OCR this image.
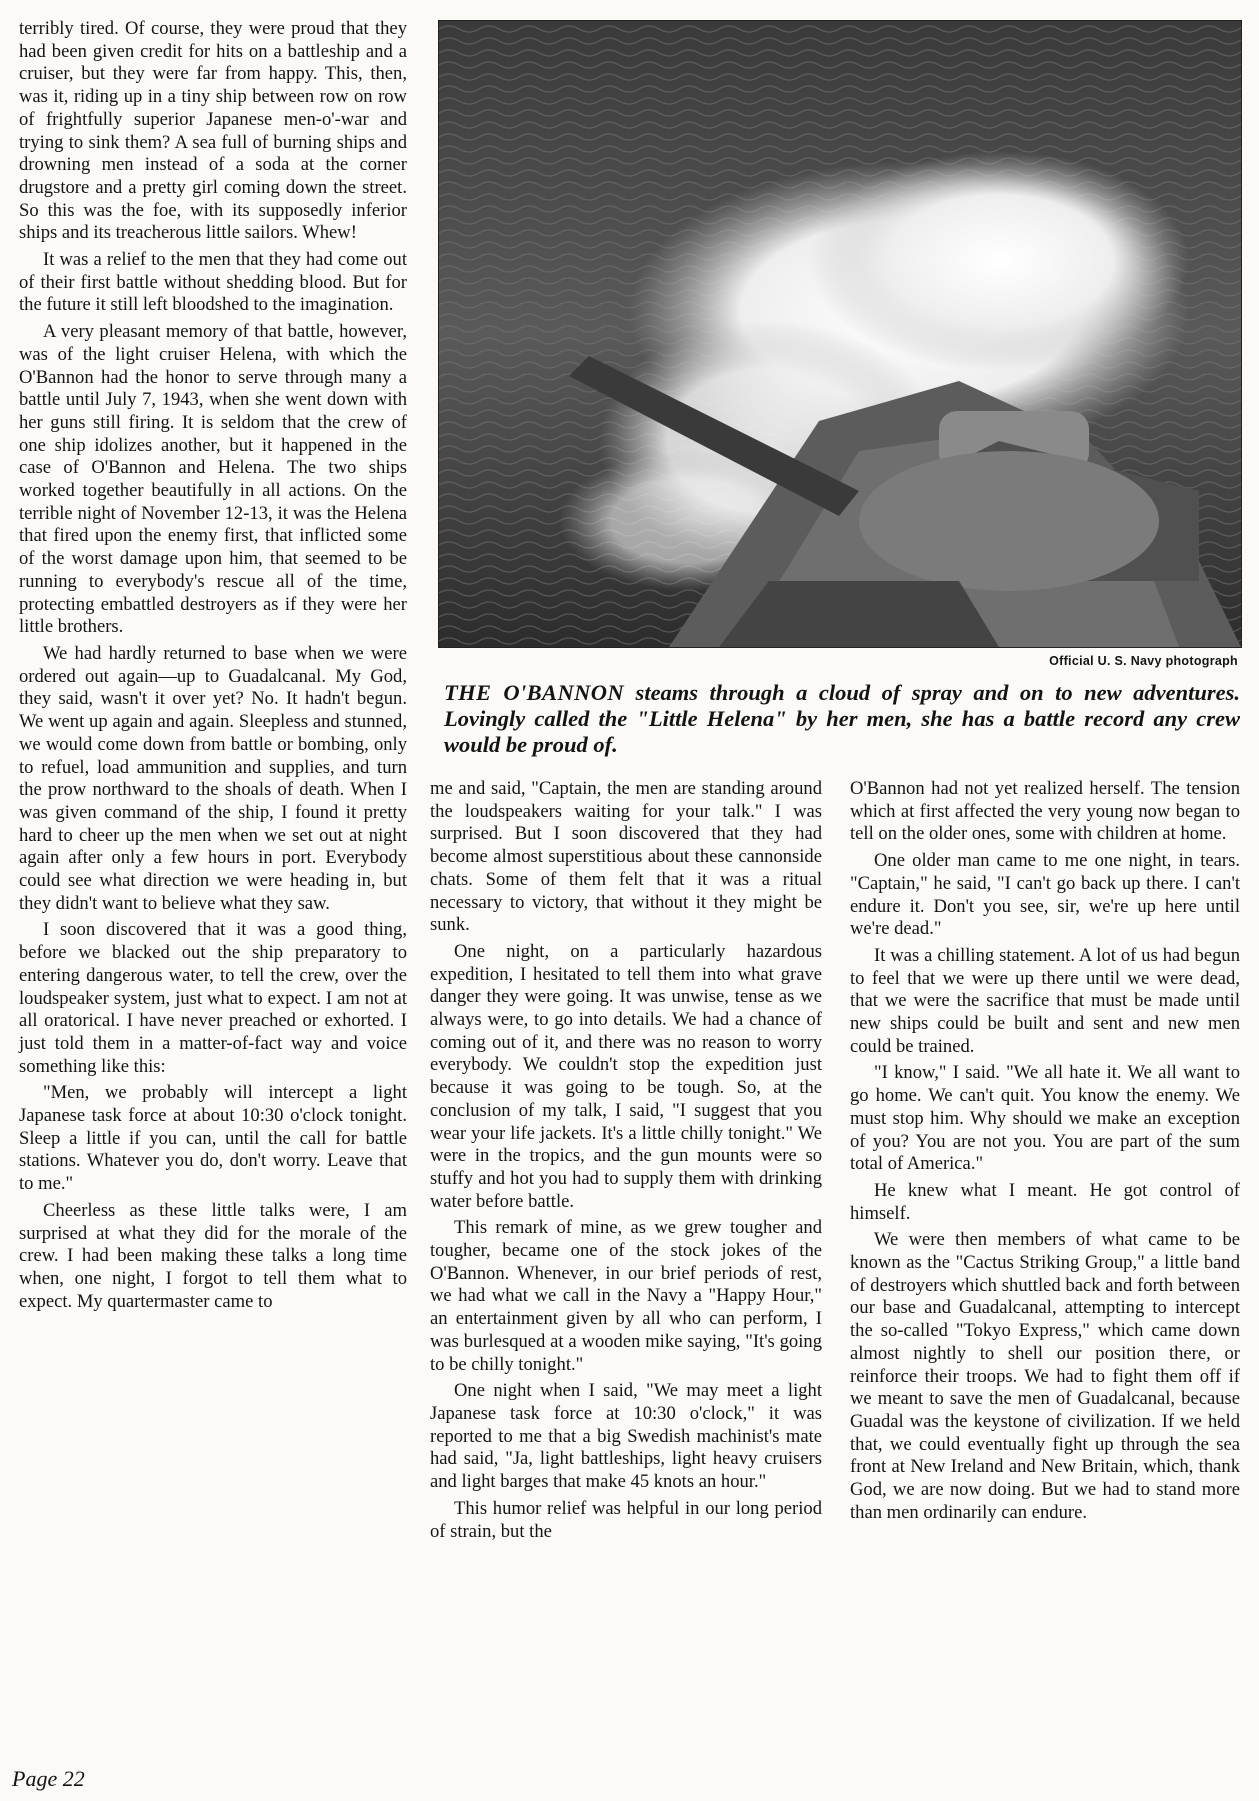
terribly tired. Of course, they were proud that they had been given credit for hits on a battleship and a cruiser, but they were far from happy. This, then, was it, riding up in a tiny ship between row on row of frightfully superior Japanese men-o'-war and trying to sink them? A sea full of burning ships and drowning men instead of a soda at the corner drugstore and a pretty girl coming down the street. So this was the foe, with its supposedly inferior ships and its treacherous little sailors. Whew!

It was a relief to the men that they had come out of their first battle without shedding blood. But for the future it still left bloodshed to the imagination.

A very pleasant memory of that battle, however, was of the light cruiser Helena, with which the O'Bannon had the honor to serve through many a battle until July 7, 1943, when she went down with her guns still firing. It is seldom that the crew of one ship idolizes another, but it happened in the case of O'Bannon and Helena. The two ships worked together beautifully in all actions. On the terrible night of November 12-13, it was the Helena that fired upon the enemy first, that inflicted some of the worst damage upon him, that seemed to be running to everybody's rescue all of the time, protecting embattled destroyers as if they were her little brothers.

We had hardly returned to base when we were ordered out again—up to Guadalcanal. My God, they said, wasn't it over yet? No. It hadn't begun. We went up again and again. Sleepless and stunned, we would come down from battle or bombing, only to refuel, load ammunition and supplies, and turn the prow northward to the shoals of death. When I was given command of the ship, I found it pretty hard to cheer up the men when we set out at night again after only a few hours in port. Everybody could see what direction we were heading in, but they didn't want to believe what they saw.

I soon discovered that it was a good thing, before we blacked out the ship preparatory to entering dangerous water, to tell the crew, over the loudspeaker system, just what to expect. I am not at all oratorical. I have never preached or exhorted. I just told them in a matter-of-fact way and voice something like this:

"Men, we probably will intercept a light Japanese task force at about 10:30 o'clock tonight. Sleep a little if you can, until the call for battle stations. Whatever you do, don't worry. Leave that to me."

Cheerless as these little talks were, I am surprised at what they did for the morale of the crew. I had been making these talks a long time when, one night, I forgot to tell them what to expect. My quartermaster came to

Official U. S. Navy photograph
THE O'BANNON steams through a cloud of spray and on to new adventures. Lovingly called the "Little Helena" by her men, she has a battle record any crew would be proud of.

me and said, "Captain, the men are standing around the loudspeakers waiting for your talk." I was surprised. But I soon discovered that they had become almost superstitious about these cannonside chats. Some of them felt that it was a ritual necessary to victory, that without it they might be sunk.

One night, on a particularly hazardous expedition, I hesitated to tell them into what grave danger they were going. It was unwise, tense as we always were, to go into details. We had a chance of coming out of it, and there was no reason to worry everybody. We couldn't stop the expedition just because it was going to be tough. So, at the conclusion of my talk, I said, "I suggest that you wear your life jackets. It's a little chilly tonight." We were in the tropics, and the gun mounts were so stuffy and hot you had to supply them with drinking water before battle.

This remark of mine, as we grew tougher and tougher, became one of the stock jokes of the O'Bannon. Whenever, in our brief periods of rest, we had what we call in the Navy a "Happy Hour," an entertainment given by all who can perform, I was burlesqued at a wooden mike saying, "It's going to be chilly tonight."

One night when I said, "We may meet a light Japanese task force at 10:30 o'clock," it was reported to me that a big Swedish machinist's mate had said, "Ja, light battleships, light heavy cruisers and light barges that make 45 knots an hour."

This humor relief was helpful in our long period of strain, but the

O'Bannon had not yet realized herself. The tension which at first affected the very young now began to tell on the older ones, some with children at home.

One older man came to me one night, in tears. "Captain," he said, "I can't go back up there. I can't endure it. Don't you see, sir, we're up here until we're dead."

It was a chilling statement. A lot of us had begun to feel that we were up there until we were dead, that we were the sacrifice that must be made until new ships could be built and sent and new men could be trained.

"I know," I said. "We all hate it. We all want to go home. We can't quit. You know the enemy. We must stop him. Why should we make an exception of you? You are not you. You are part of the sum total of America."

He knew what I meant. He got control of himself.

We were then members of what came to be known as the "Cactus Striking Group," a little band of destroyers which shuttled back and forth between our base and Guadalcanal, attempting to intercept the so-called "Tokyo Express," which came down almost nightly to shell our position there, or reinforce their troops. We had to fight them off if we meant to save the men of Guadalcanal, because Guadal was the keystone of civilization. If we held that, we could eventually fight up through the sea front at New Ireland and New Britain, which, thank God, we are now doing. But we had to stand more than men ordinarily can endure.

Page 22
